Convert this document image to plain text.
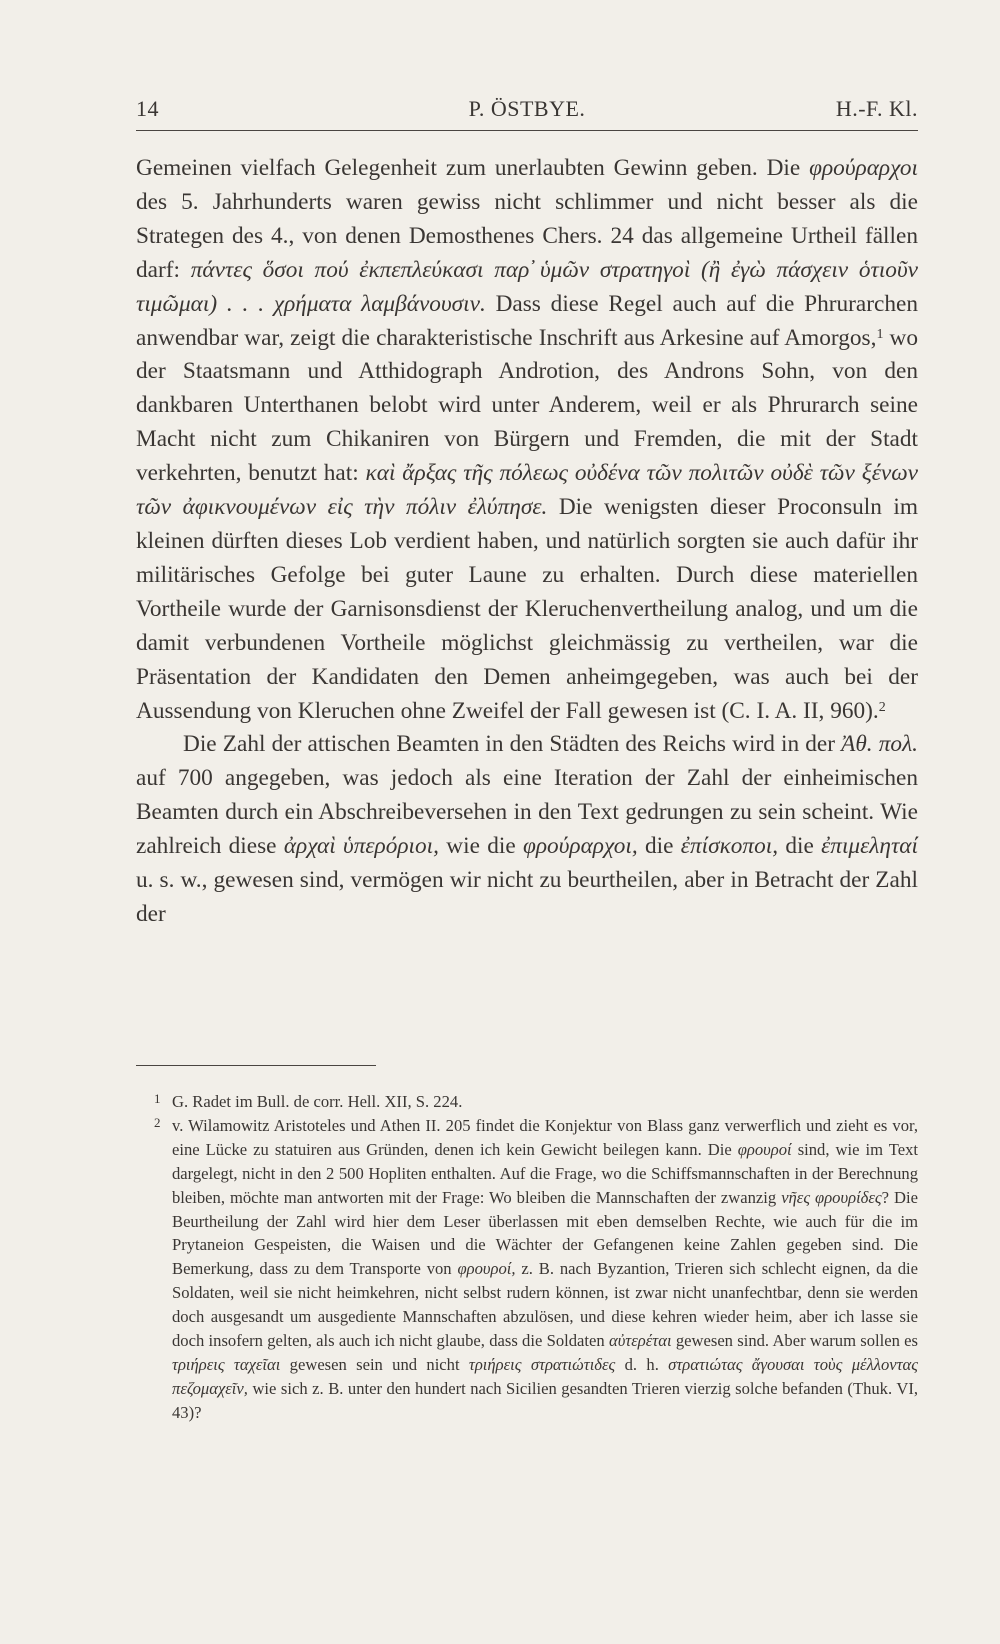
14	P. ÖSTBYE.	H.-F. Kl.

Gemeinen vielfach Gelegenheit zum unerlaubten Gewinn geben. Die φρούραρχοι des 5. Jahrhunderts waren gewiss nicht schlimmer und nicht besser als die Strategen des 4., von denen Demosthenes Chers. 24 das allgemeine Urtheil fällen darf: πάντες ὅσοι πού ἐκπεπλεύκασι παρ̕ ὑμῶν στρατηγοὶ (ἢ ἐγὼ πάσχειν ὁτιοῦν τιμῶμαι) . . . χρήματα λαμβάνουσιν. Dass diese Regel auch auf die Phrurarchen anwendbar war, zeigt die charakteristische Inschrift aus Arkesine auf Amorgos,$^1$ wo der Staatsmann und Atthidograph Androtion, des Androns Sohn, von den dankbaren Unterthanen belobt wird unter Anderem, weil er als Phrurarch seine Macht nicht zum Chikaniren von Bürgern und Fremden, die mit der Stadt verkehrten, benutzt hat: καὶ ἄρξας τῆς πόλεως οὐδένα τῶν πολιτῶν οὐδὲ τῶν ξένων τῶν ἀφικνουμένων εἰς τὴν πόλιν ἐλύπησε. Die wenigsten dieser Proconsuln im kleinen dürften dieses Lob verdient haben, und natürlich sorgten sie auch dafür ihr militärisches Gefolge bei guter Laune zu erhalten. Durch diese materiellen Vortheile wurde der Garnisonsdienst der Kleruchenvertheilung analog, und um die damit verbundenen Vortheile möglichst gleichmässig zu vertheilen, war die Präsentation der Kandidaten den Demen anheimgegeben, was auch bei der Aussendung von Kleruchen ohne Zweifel der Fall gewesen ist (C. I. A. II, 960).$^2$

Die Zahl der attischen Beamten in den Städten des Reichs wird in der Ἀθ. πολ. auf 700 angegeben, was jedoch als eine Iteration der Zahl der einheimischen Beamten durch ein Abschreibeversehen in den Text gedrungen zu sein scheint. Wie zahlreich diese ἀρχαὶ ὑπερόριοι, wie die φρούραρχοι, die ἐπίσκοποι, die ἐπιμεληταί u. s. w., gewesen sind, vermögen wir nicht zu beurtheilen, aber in Betracht der Zahl der

1 G. Radet im Bull. de corr. Hell. XII, S. 224.
2 v. Wilamowitz Aristoteles und Athen II. 205 findet die Konjektur von Blass ganz verwerflich und zieht es vor, eine Lücke zu statuiren aus Gründen, denen ich kein Gewicht beilegen kann. Die φρουροί sind, wie im Text dargelegt, nicht in den 2 500 Hopliten enthalten. Auf die Frage, wo die Schiffsmannschaften in der Berechnung bleiben, möchte man antworten mit der Frage: Wo bleiben die Mannschaften der zwanzig νῆες φρουρίδες? Die Beurtheilung der Zahl wird hier dem Leser überlassen mit eben demselben Rechte, wie auch für die im Prytaneion Gespeisten, die Waisen und die Wächter der Gefangenen keine Zahlen gegeben sind. Die Bemerkung, dass zu dem Transporte von φρουροί, z. B. nach Byzantion, Trieren sich schlecht eignen, da die Soldaten, weil sie nicht heimkehren, nicht selbst rudern können, ist zwar nicht unanfechtbar, denn sie werden doch ausgesandt um ausgediente Mannschaften abzulösen, und diese kehren wieder heim, aber ich lasse sie doch insofern gelten, als auch ich nicht glaube, dass die Soldaten αὐτερέται gewesen sind. Aber warum sollen es τριήρεις ταχεῖαι gewesen sein und nicht τριήρεις στρατιώτιδες d. h. στρατιώτας ἄγουσαι τοὺς μέλλοντας πεζομαχεῖν, wie sich z. B. unter den hundert nach Sicilien gesandten Trieren vierzig solche befanden (Thuk. VI, 43)?
